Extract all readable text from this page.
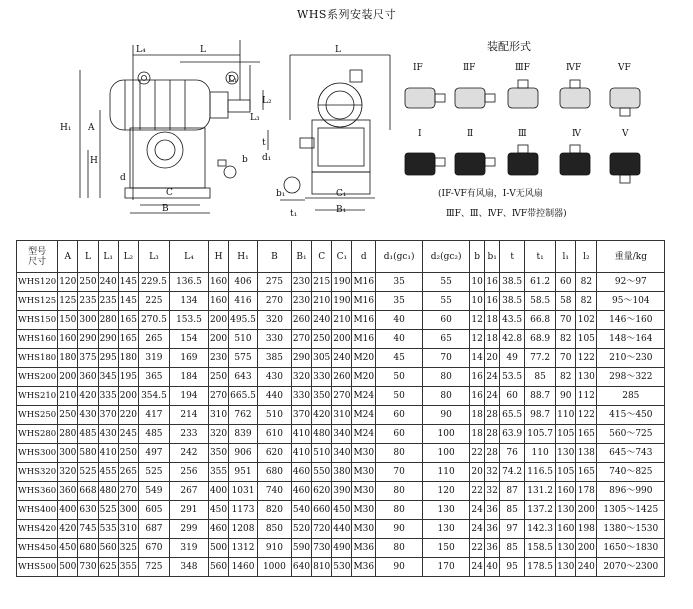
WHS系列安装尺寸
L₄	L
L₁
H₁ A
H
d
C
B
L₂
L₃
L
t
d₁
b
t₁
b₁	C₁
B₁
装配形式
ⅠF	ⅡF	ⅢF	ⅣF	ⅤF
Ⅰ	Ⅱ	Ⅲ	Ⅳ	Ⅴ
(ⅠF-ⅤF有风扇，Ⅰ-Ⅴ无风扇
ⅢF、Ⅲ、ⅣF、ⅣF带控制器)
型号
尺寸	A	L	L₁	L₂	L₃	L₄	H	H₁	B	B₁	C	C₁	d	d₁(gc₁)	d₂(gc₂)	b	b₁	t	t₁	l₁	l₂	重量/kg
WHS120	120	250	240	145	229.5	136.5	160	406	275	230	215	190	M16	35	55	10	16	38.5	61.2	60	82	92～97
WHS125	125	235	235	145	225	134	160	416	270	230	210	190	M16	35	55	10	16	38.5	58.5	58	82	95～104
WHS150	150	300	280	165	270.5	153.5	200	495.5	320	260	240	210	M16	40	60	12	18	43.5	66.8	70	102	146～160
WHS160	160	290	290	165	265	154	200	510	330	270	250	200	M16	40	65	12	18	42.8	68.9	82	105	148～164
WHS180	180	375	295	180	319	169	230	575	385	290	305	240	M20	45	70	14	20	49	77.2	70	122	210～230
WHS200	200	360	345	195	365	184	250	643	430	320	330	260	M20	50	80	16	24	53.5	85	82	130	298～322
WHS210	210	420	335	200	354.5	194	270	665.5	440	330	350	270	M24	50	80	16	24	60	88.7	90	112	285
WHS250	250	430	370	220	417	214	310	762	510	370	420	310	M24	60	90	18	28	65.5	98.7	110	122	415～450
WHS280	280	485	430	245	485	233	320	839	610	410	480	340	M24	60	100	18	28	63.9	105.7	105	165	560～725
WHS300	300	580	410	250	497	242	350	906	620	410	510	340	M30	80	100	22	28	76	110	130	138	645～743
WHS320	320	525	455	265	525	256	355	951	680	460	550	380	M30	70	110	20	32	74.2	116.5	105	165	740～825
WHS360	360	668	480	270	549	267	400	1031	740	460	620	390	M30	80	120	22	32	87	131.2	160	178	896～990
WHS400	400	630	525	300	605	291	450	1173	820	540	660	450	M30	80	130	24	36	85	137.2	130	200	1305～1425
WHS420	420	745	535	310	687	299	460	1208	850	520	720	440	M30	90	130	24	36	97	142.3	160	198	1380～1530
WHS450	450	680	560	325	670	319	500	1312	910	590	730	490	M36	80	150	22	36	85	158.5	130	200	1650～1830
WHS500	500	730	625	355	725	348	560	1460	1000	640	810	530	M36	90	170	24	40	95	178.5	130	240	2070～2300
